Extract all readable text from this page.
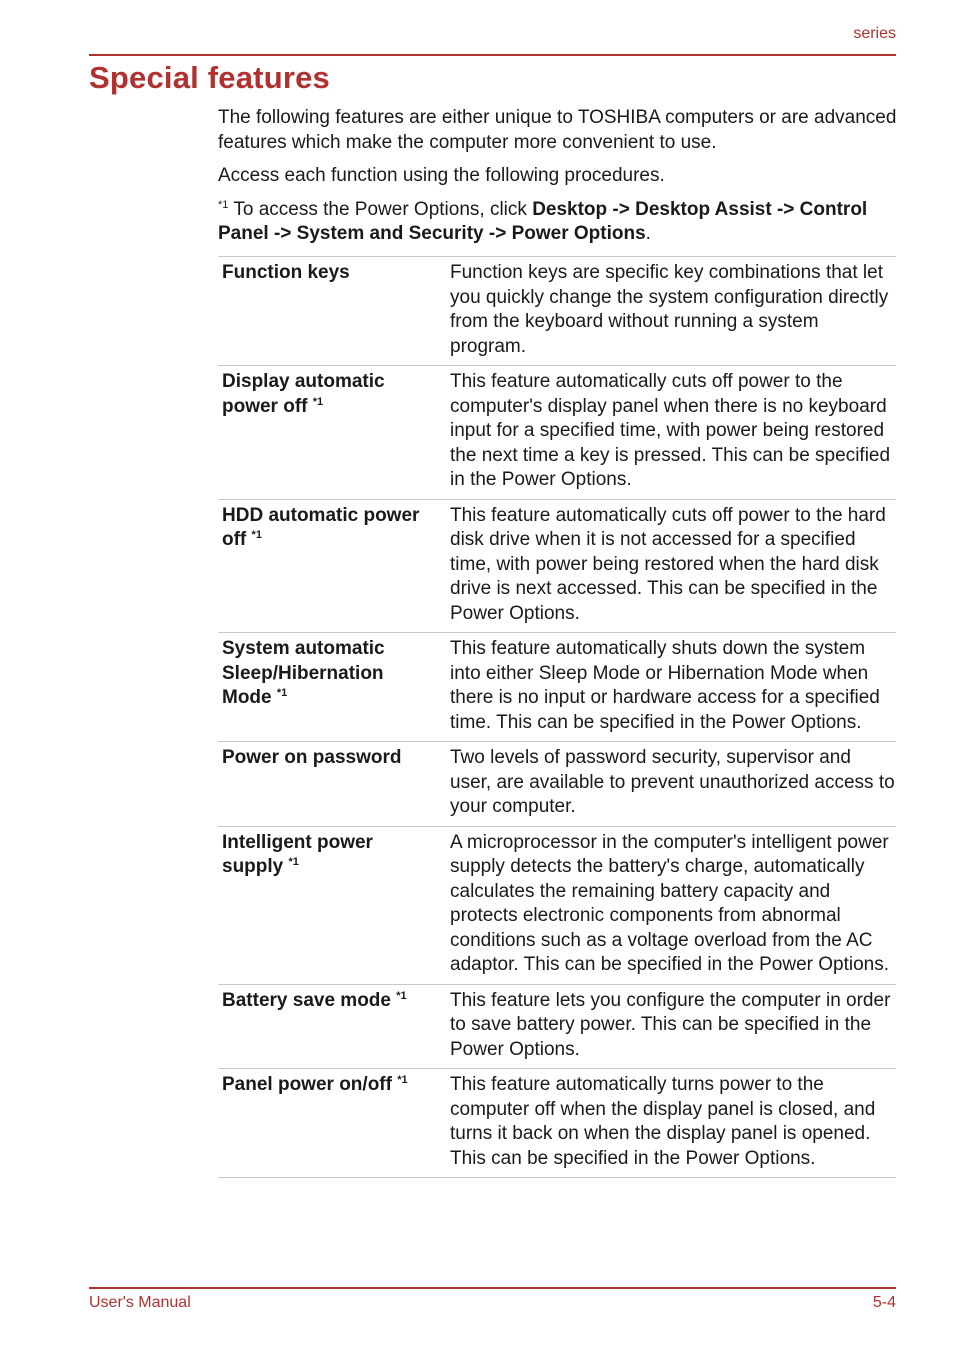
series
Special features

The following features are either unique to TOSHIBA computers or are advanced features which make the computer more convenient to use.

Access each function using the following procedures.

$^{*1}$ To access the Power Options, click Desktop -> Desktop Assist -> Control Panel -> System and Security -> Power Options.

Function keys	Function keys are specific key combinations that let you quickly change the system configuration directly from the keyboard without running a system program.
Display automatic power off $^{*1}$	This feature automatically cuts off power to the computer's display panel when there is no keyboard input for a specified time, with power being restored the next time a key is pressed. This can be specified in the Power Options.
HDD automatic power off $^{*1}$	This feature automatically cuts off power to the hard disk drive when it is not accessed for a specified time, with power being restored when the hard disk drive is next accessed. This can be specified in the Power Options.
System automatic Sleep/Hibernation Mode $^{*1}$	This feature automatically shuts down the system into either Sleep Mode or Hibernation Mode when there is no input or hardware access for a specified time. This can be specified in the Power Options.
Power on password	Two levels of password security, supervisor and user, are available to prevent unauthorized access to your computer.
Intelligent power supply $^{*1}$	A microprocessor in the computer's intelligent power supply detects the battery's charge, automatically calculates the remaining battery capacity and protects electronic components from abnormal conditions such as a voltage overload from the AC adaptor. This can be specified in the Power Options.
Battery save mode $^{*1}$	This feature lets you configure the computer in order to save battery power. This can be specified in the Power Options.
Panel power on/off $^{*1}$	This feature automatically turns power to the computer off when the display panel is closed, and turns it back on when the display panel is opened. This can be specified in the Power Options.
User's Manual	5-4
